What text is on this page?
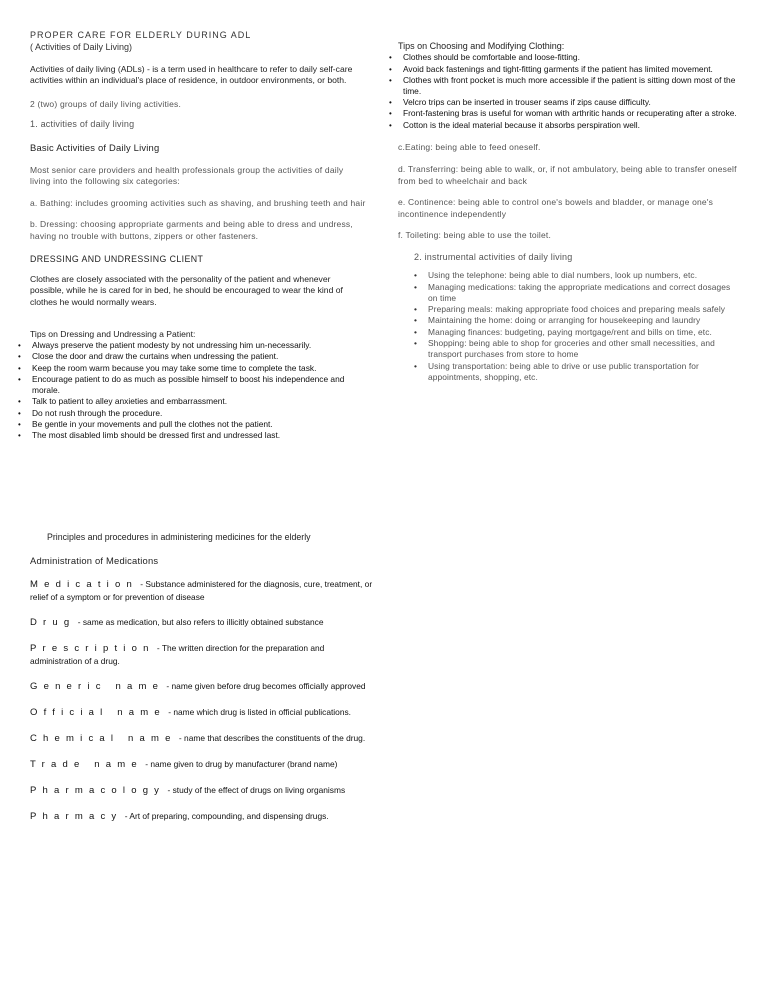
PROPER CARE FOR ELDERLY DURING ADL

( Activities of Daily Living)

Activities of daily living (ADLs) - is a term used in healthcare to refer to daily self-care activities within an individual's place of residence, in outdoor environments, or both.

2 (two) groups of daily living activities.

1. activities of daily living

Basic Activities of Daily Living

Most senior care providers and health professionals group the activities of daily living into the following six categories:

a. Bathing: includes grooming activities such as shaving, and brushing teeth and hair

b. Dressing: choosing appropriate garments and being able to dress and undress, having no trouble with buttons, zippers or other fasteners.

DRESSING AND UNDRESSING CLIENT

Clothes are closely associated with the personality of the patient and whenever possible, while he is cared for in bed, he should be encouraged to wear the kind of clothes he would normally wears.

Tips on Dressing and Undressing a Patient:

• Always preserve the patient modesty by not undressing him un-necessarily.
• Close the door and draw the curtains when undressing the patient.
• Keep the room warm because you may take some time to complete the task.
• Encourage patient to do as much as possible himself to boost his independence and morale.
• Talk to patient to alley anxieties and embarrassment.
• Do not rush through the procedure.
• Be gentle in your movements and pull the clothes not the patient.
• The most disabled limb should be dressed first and undressed last.

Principles and procedures in administering medicines for the elderly

Administration of Medications

Medication - Substance administered for the diagnosis, cure, treatment, or relief of a symptom or for prevention of disease

Drug - same as medication, but also refers to illicitly obtained substance

Prescription - The written direction for the preparation and administration of a drug.

Generic name - name given before drug becomes officially approved

Official name - name which drug is listed in official publications.

Chemical name - name that describes the constituents of the drug.

Trade name - name given to drug by manufacturer (brand name)

Pharmacology - study of the effect of drugs on living organisms

Pharmacy - Art of preparing, compounding, and dispensing drugs.

Tips on Choosing and Modifying Clothing:

• Clothes should be comfortable and loose-fitting.
• Avoid back fastenings and tight-fitting garments if the patient has limited movement.
• Clothes with front pocket is much more accessible if the patient is sitting down most of the time.
• Velcro trips can be inserted in trouser seams if zips cause difficulty.
• Front-fastening bras is useful for woman with arthritic hands or recuperating after a stroke.
• Cotton is the ideal material because it absorbs perspiration well.

c.Eating: being able to feed oneself.

d. Transferring: being able to walk, or, if not ambulatory, being able to transfer oneself from bed to wheelchair and back

e. Continence: being able to control one's bowels and bladder, or manage one's incontinence independently

f. Toileting: being able to use the toilet.

2. instrumental activities of daily living

• Using the telephone: being able to dial numbers, look up numbers, etc.
• Managing medications: taking the appropriate medications and correct dosages on time
• Preparing meals: making appropriate food choices and preparing meals safely
• Maintaining the home: doing or arranging for housekeeping and laundry
• Managing finances: budgeting, paying mortgage/rent and bills on time, etc.
• Shopping: being able to shop for groceries and other small necessities, and transport purchases from store to home
• Using transportation: being able to drive or use public transportation for appointments, shopping, etc.
